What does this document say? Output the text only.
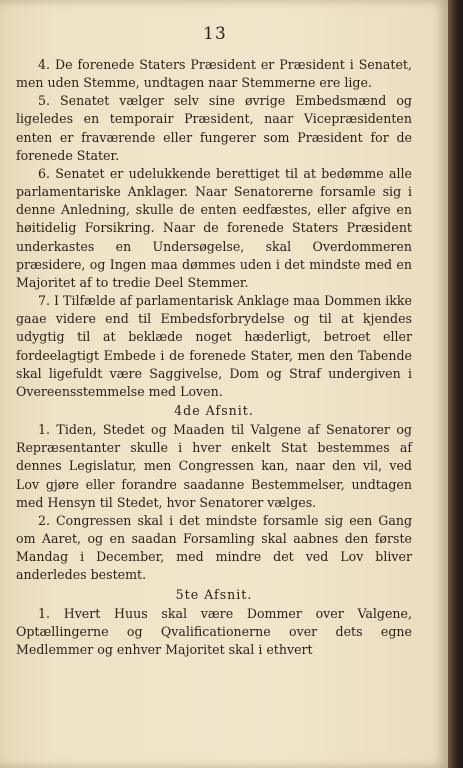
13

4. De forenede Staters Præsident er Præsident i Senatet, men uden Stemme, undtagen naar Stemmerne ere lige.

5. Senatet vælger selv sine øvrige Embedsmænd og ligeledes en temporair Præsident, naar Vicepræsidenten enten er fraværende eller fungerer som Præsident for de forenede Stater.

6. Senatet er udelukkende berettiget til at bedømme alle parlamentariske Anklager. Naar Senatorerne forsamle sig i denne Anledning, skulle de enten eedfæstes, eller afgive en høitidelig Forsikring. Naar de forenede Staters Præsident underkastes en Undersøgelse, skal Overdommeren præsidere, og Ingen maa dømmes uden i det mindste med en Majoritet af to tredie Deel Stemmer.

7. I Tilfælde af parlamentarisk Anklage maa Dommen ikke gaae videre end til Embedsforbrydelse og til at kjendes udygtig til at beklæde noget hæderligt, betroet eller fordeelagtigt Embede i de forenede Stater, men den Tabende skal ligefuldt være Saggivelse, Dom og Straf undergiven i Overeensstemmelse med Loven.

4de Afsnit.

1. Tiden, Stedet og Maaden til Valgene af Senatorer og Repræsentanter skulle i hver enkelt Stat bestemmes af dennes Legislatur, men Congressen kan, naar den vil, ved Lov gjøre eller forandre saadanne Bestemmelser, undtagen med Hensyn til Stedet, hvor Senatorer vælges.

2. Congressen skal i det mindste forsamle sig een Gang om Aaret, og en saadan Forsamling skal aabnes den første Mandag i December, med mindre det ved Lov bliver anderledes bestemt.

5te Afsnit.

1. Hvert Huus skal være Dommer over Valgene, Optællingerne og Qvalificationerne over dets egne Medlemmer og enhver Majoritet skal i ethvert
